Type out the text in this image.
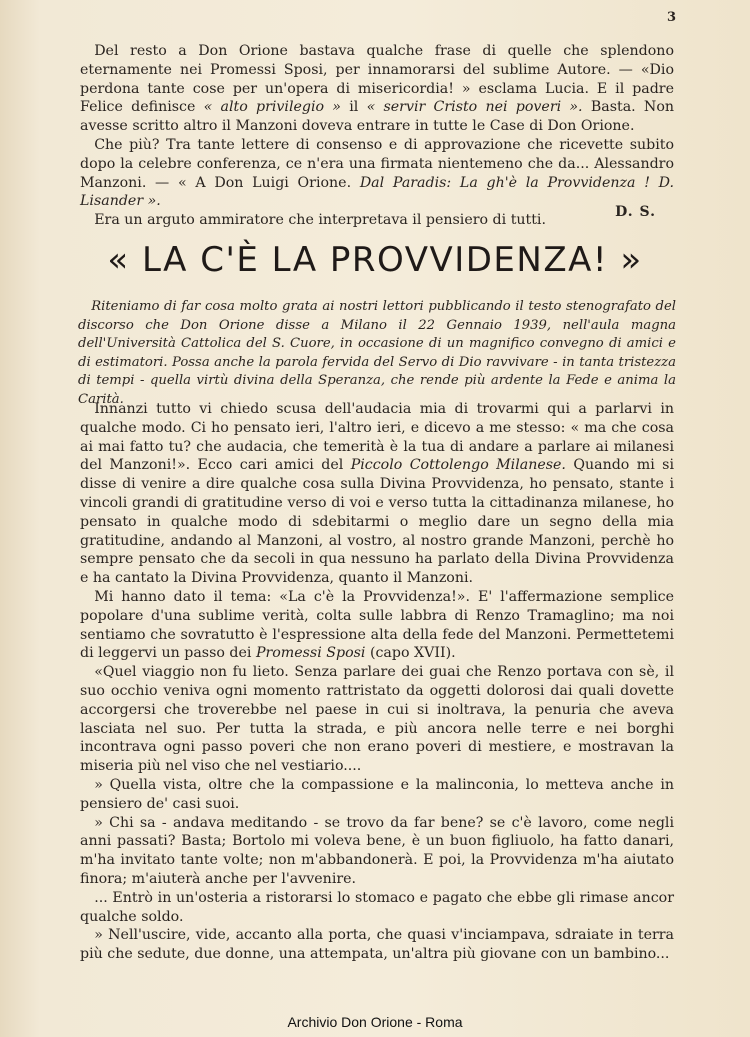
3

 Del resto a Don Orione bastava qualche frase di quelle che splendono eternamente nei Promessi Sposi, per innamorarsi del sublime Autore. — «Dio perdona tante cose per un'opera di misericordia! » esclama Lucia. E il padre Felice definisce « alto privilegio » il « servir Cristo nei poveri ». Basta. Non avesse scritto altro il Manzoni doveva entrare in tutte le Case di Don Orione.

 Che più? Tra tante lettere di consenso e di approvazione che ricevette subito dopo la celebre conferenza, ce n'era una firmata nientemeno che da... Alessandro Manzoni. — « A Don Luigi Orione. Dal Paradis: La gh'è la Provvidenza ! D. Lisander ».

 Era un arguto ammiratore che interpretava il pensiero di tutti.

D. S.
« LA C'È LA PROVVIDENZA! »

 Riteniamo di far cosa molto grata ai nostri lettori pubblicando il testo stenografato del discorso che Don Orione disse a Milano il 22 Gennaio 1939, nell'aula magna dell'Università Cattolica del S. Cuore, in occasione di un magnifico convegno di amici e di estimatori. Possa anche la parola fervida del Servo di Dio ravvivare - in tanta tristezza di tempi - quella virtù divina della Speranza, che rende più ardente la Fede e anima la Carità.

 Innanzi tutto vi chiedo scusa dell'audacia mia di trovarmi qui a parlarvi in qualche modo. Ci ho pensato ieri, l'altro ieri, e dicevo a me stesso: « ma che cosa ai mai fatto tu? che audacia, che temerità è la tua di andare a parlare ai milanesi del Manzoni!». Ecco cari amici del Piccolo Cottolengo Milanese. Quando mi si disse di venire a dire qualche cosa sulla Divina Provvidenza, ho pensato, stante i vincoli grandi di gratitudine verso di voi e verso tutta la cittadinanza milanese, ho pensato in qualche modo di sdebitarmi o meglio dare un segno della mia gratitudine, andando al Manzoni, al vostro, al nostro grande Manzoni, perchè ho sempre pensato che da secoli in qua nessuno ha parlato della Divina Provvidenza e ha cantato la Divina Provvidenza, quanto il Manzoni.

 Mi hanno dato il tema: «La c'è la Provvidenza!». E' l'affermazione semplice popolare d'una sublime verità, colta sulle labbra di Renzo Tramaglino; ma noi sentiamo che sovratutto è l'espressione alta della fede del Manzoni. Permettetemi di leggervi un passo dei Promessi Sposi (capo XVII).

 «Quel viaggio non fu lieto. Senza parlare dei guai che Renzo portava con sè, il suo occhio veniva ogni momento rattristato da oggetti dolorosi dai quali dovette accorgersi che troverebbe nel paese in cui si inoltrava, la penuria che aveva lasciata nel suo. Per tutta la strada, e più ancora nelle terre e nei borghi incontrava ogni passo poveri che non erano poveri di mestiere, e mostravan la miseria più nel viso che nel vestiario....

 » Quella vista, oltre che la compassione e la malinconia, lo metteva anche in pensiero de' casi suoi.

 » Chi sa - andava meditando - se trovo da far bene? se c'è lavoro, come negli anni passati? Basta; Bortolo mi voleva bene, è un buon figliuolo, ha fatto danari, m'ha invitato tante volte; non m'abbandonerà. E poi, la Provvidenza m'ha aiutato finora; m'aiuterà anche per l'avvenire.

 ... Entrò in un'osteria a ristorarsi lo stomaco e pagato che ebbe gli rimase ancor qualche soldo.

 » Nell'uscire, vide, accanto alla porta, che quasi v'inciampava, sdraiate in terra più che sedute, due donne, una attempata, un'altra più giovane con un bambino...

Archivio Don Orione - Roma
